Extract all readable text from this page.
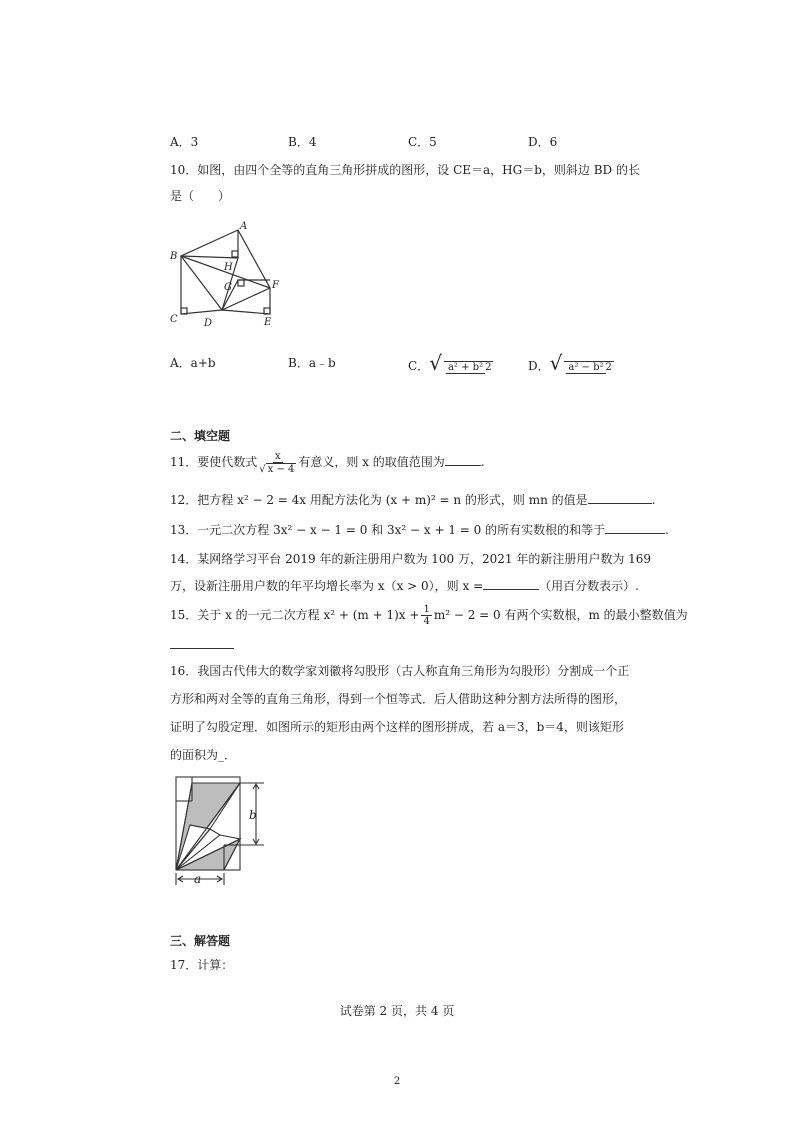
A．3	B．4	C．5	D．6
10．如图，由四个全等的直角三角形拼成的图形，设 CE＝a，HG＝b，则斜边 BD 的长
是（　　）
A
B
C	D	E
F
G
H
A．a+b	B．a﹣b	C．√ a² + b² 2	D．√ a² − b² 2
二、填空题
11．要使代数式 $\frac{x}{√ x - 4}$ 有意义，则 x 的取值范围为	.
12．把方程 x² − 2 = 4x 用配方法化为 (x + m)² = n 的形式，则 mn 的值是	.
13．一元二次方程 3x² − x − 1 = 0 和 3x² − x + 1 = 0 的所有实数根的和等于	.
14．某网络学习平台 2019 年的新注册用户数为 100 万，2021 年的新注册用户数为 169
万，设新注册用户数的年平均增长率为 x（x > 0），则 x =	（用百分数表示）.
15．关于 x 的一元二次方程 $x^2 + (m + 1)x + \frac{1}{4} m^2 - 2 = 0$ 有两个实数根，m 的最小整数值为
16．我国古代伟大的数学家刘徽将勾股形（古人称直角三角形为勾股形）分割成一个正
方形和两对全等的直角三角形，得到一个恒等式．后人借助这种分割方法所得的图形，
证明了勾股定理．如图所示的矩形由两个这样的图形拼成，若 a＝3，b＝4，则该矩形
的面积为_．
b
a
三、解答题
17．计算：
试卷第 2 页，共 4 页
2
